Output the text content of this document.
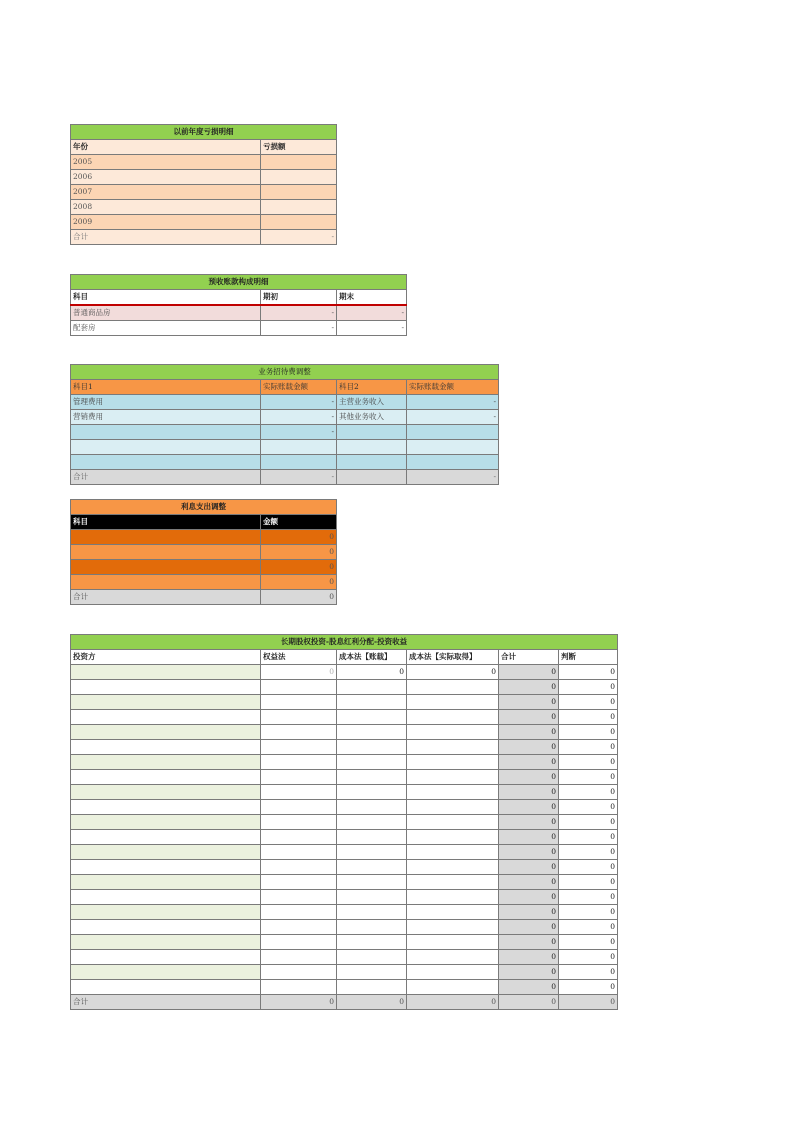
以前年度亏损明细	
年份	亏损额
2005	
2006	
2007	
2008	
2009	
合计	-
预收账款构成明细		
科目	期初	期末
普通商品房	-	-
配套房	-	-
业务招待费调整			
科目1	实际账载金额	科目2	实际账载金额
管理费用	-	主营业务收入	-
营销费用	-	其他业务收入	-
	-		

合计	-		-
利息支出调整	
科目	金额
	0
	0
	0
	0
合计	0
长期股权投资-股息红利分配-投资收益					
投资方	权益法	成本法【账载】	成本法【实际取得】	合计	判断
	0	0	0	0	0
				0	0
				0	0
				0	0
				0	0
				0	0
				0	0
				0	0
				0	0
				0	0
				0	0
				0	0
				0	0
				0	0
				0	0
				0	0
				0	0
				0	0
				0	0
				0	0
				0	0
				0	0
合计	0	0	0	0	0
